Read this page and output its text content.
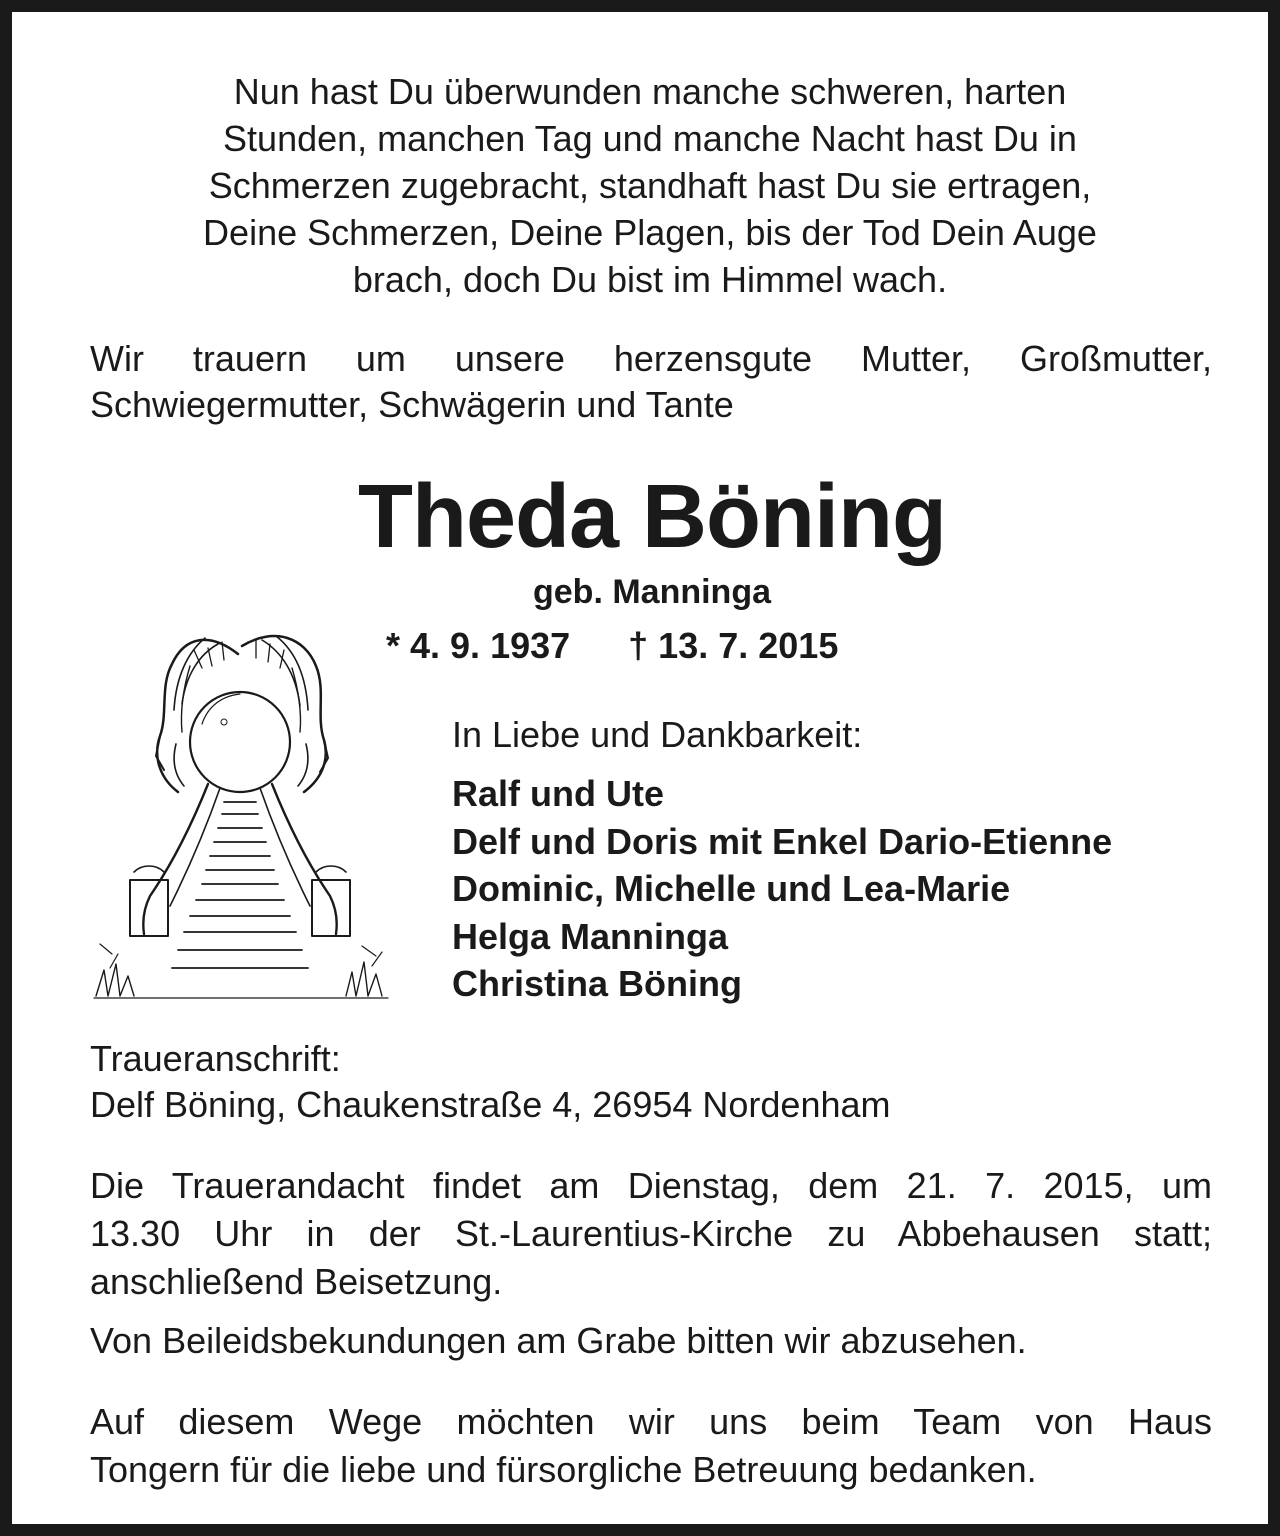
Nun hast Du überwunden manche schweren, harten
Stunden, manchen Tag und manche Nacht hast Du in
Schmerzen zugebracht, standhaft hast Du sie ertragen,
Deine Schmerzen, Deine Plagen, bis der Tod Dein Auge
brach, doch Du bist im Himmel wach.
Wir trauern um unsere herzensgute Mutter, Großmutter,
Schwiegermutter, Schwägerin und Tante
Theda Böning
geb. Manninga
* 4. 9. 1937 † 13. 7. 2015
In Liebe und Dankbarkeit:
Ralf und Ute
Delf und Doris mit Enkel Dario-Etienne
Dominic, Michelle und Lea-Marie
Helga Manninga
Christina Böning
Traueranschrift:
Delf Böning, Chaukenstraße 4, 26954 Nordenham
Die Trauerandacht findet am Dienstag, dem 21. 7. 2015, um
13.30 Uhr in der St.-Laurentius-Kirche zu Abbehausen statt;
anschließend Beisetzung.
Von Beileidsbekundungen am Grabe bitten wir abzusehen.
Auf diesem Wege möchten wir uns beim Team von Haus
Tongern für die liebe und fürsorgliche Betreuung bedanken.
